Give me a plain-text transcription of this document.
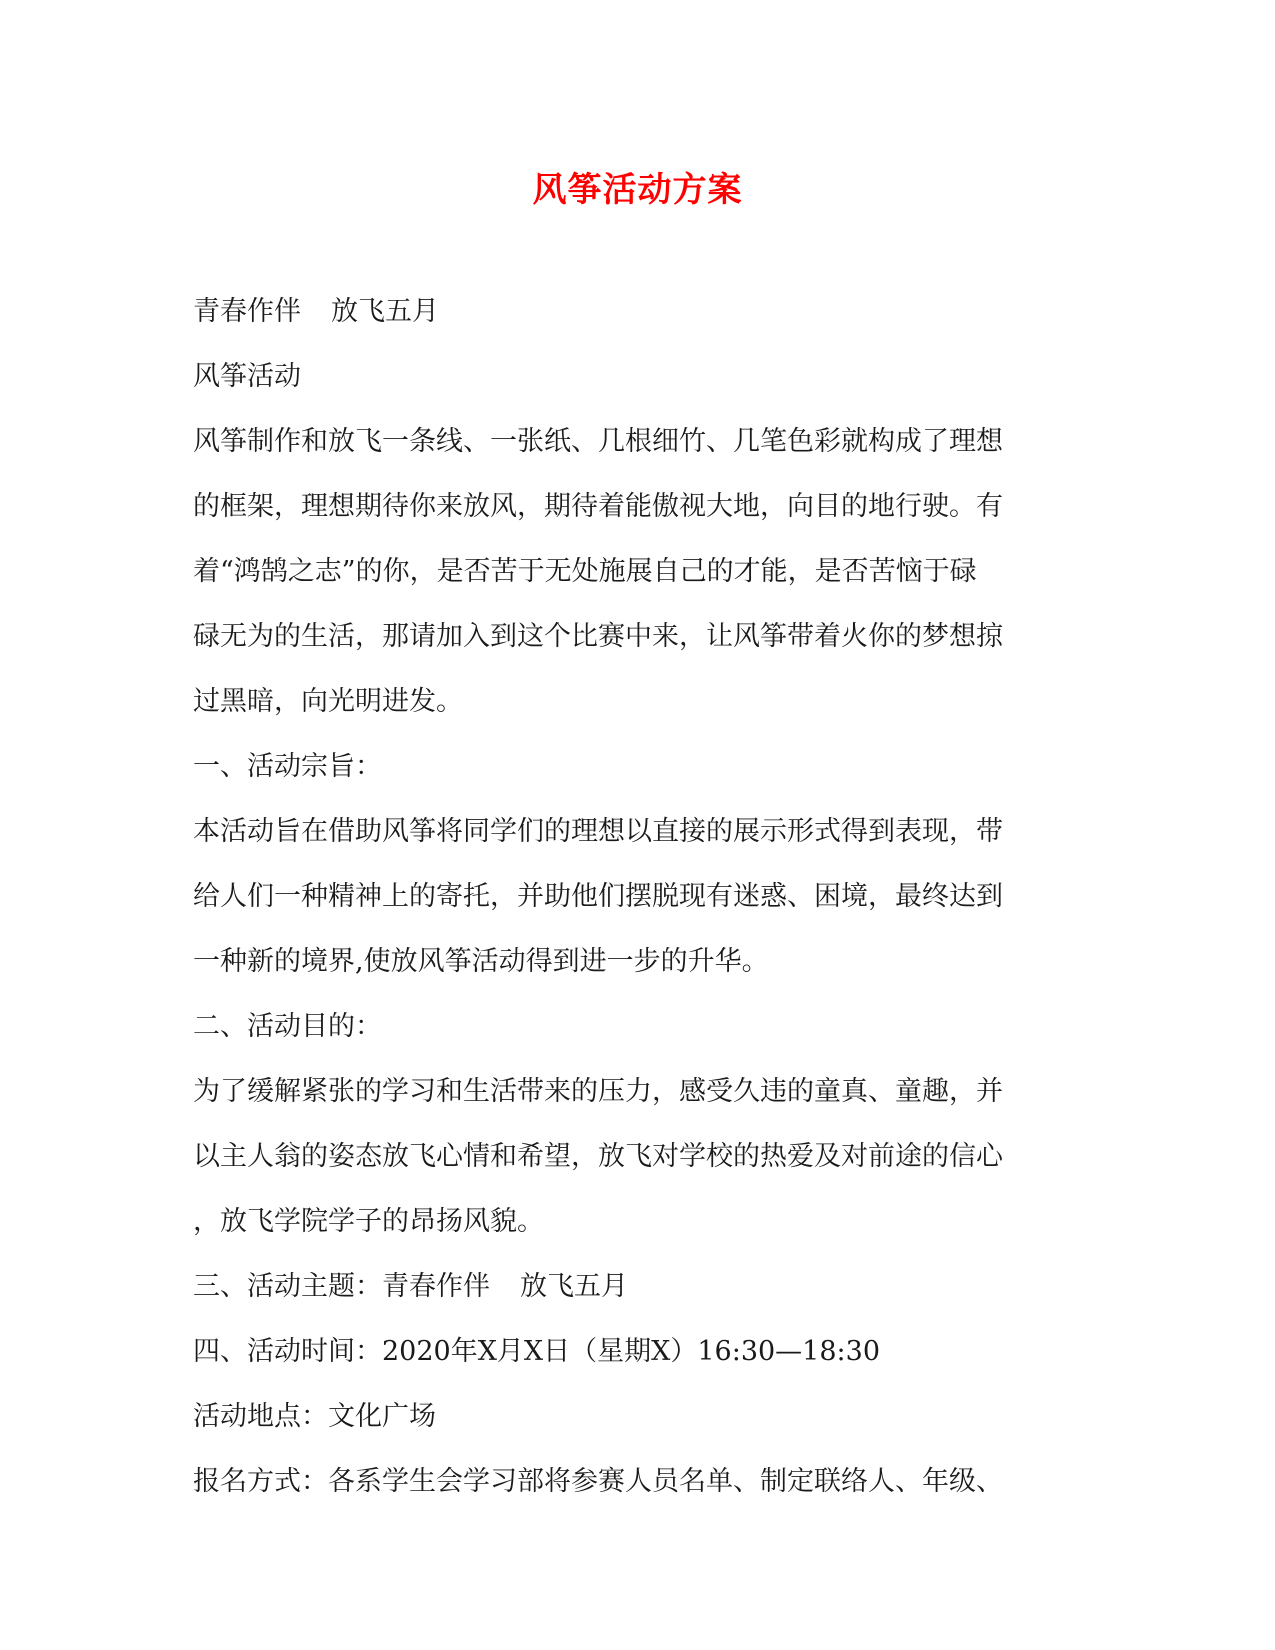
风筝活动方案
青春作伴 放飞五月
风筝活动
风筝制作和放飞一条线、一张纸、几根细竹、几笔色彩就构成了理想
的框架，理想期待你来放风，期待着能傲视大地，向目的地行驶。有
着“鸿鹄之志”的你，是否苦于无处施展自己的才能，是否苦恼于碌
碌无为的生活，那请加入到这个比赛中来，让风筝带着火你的梦想掠
过黑暗，向光明进发。
一、活动宗旨：
本活动旨在借助风筝将同学们的理想以直接的展示形式得到表现，带
给人们一种精神上的寄托，并助他们摆脱现有迷惑、困境，最终达到
一种新的境界,使放风筝活动得到进一步的升华。
二、活动目的：
为了缓解紧张的学习和生活带来的压力，感受久违的童真、童趣，并
以主人翁的姿态放飞心情和希望，放飞对学校的热爱及对前途的信心
，放飞学院学子的昂扬风貌。
三、活动主题：青春作伴 放飞五月
四、活动时间：2020年X月X日（星期X）16:30—18:30
活动地点：文化广场
报名方式：各系学生会学习部将参赛人员名单、制定联络人、年级、
